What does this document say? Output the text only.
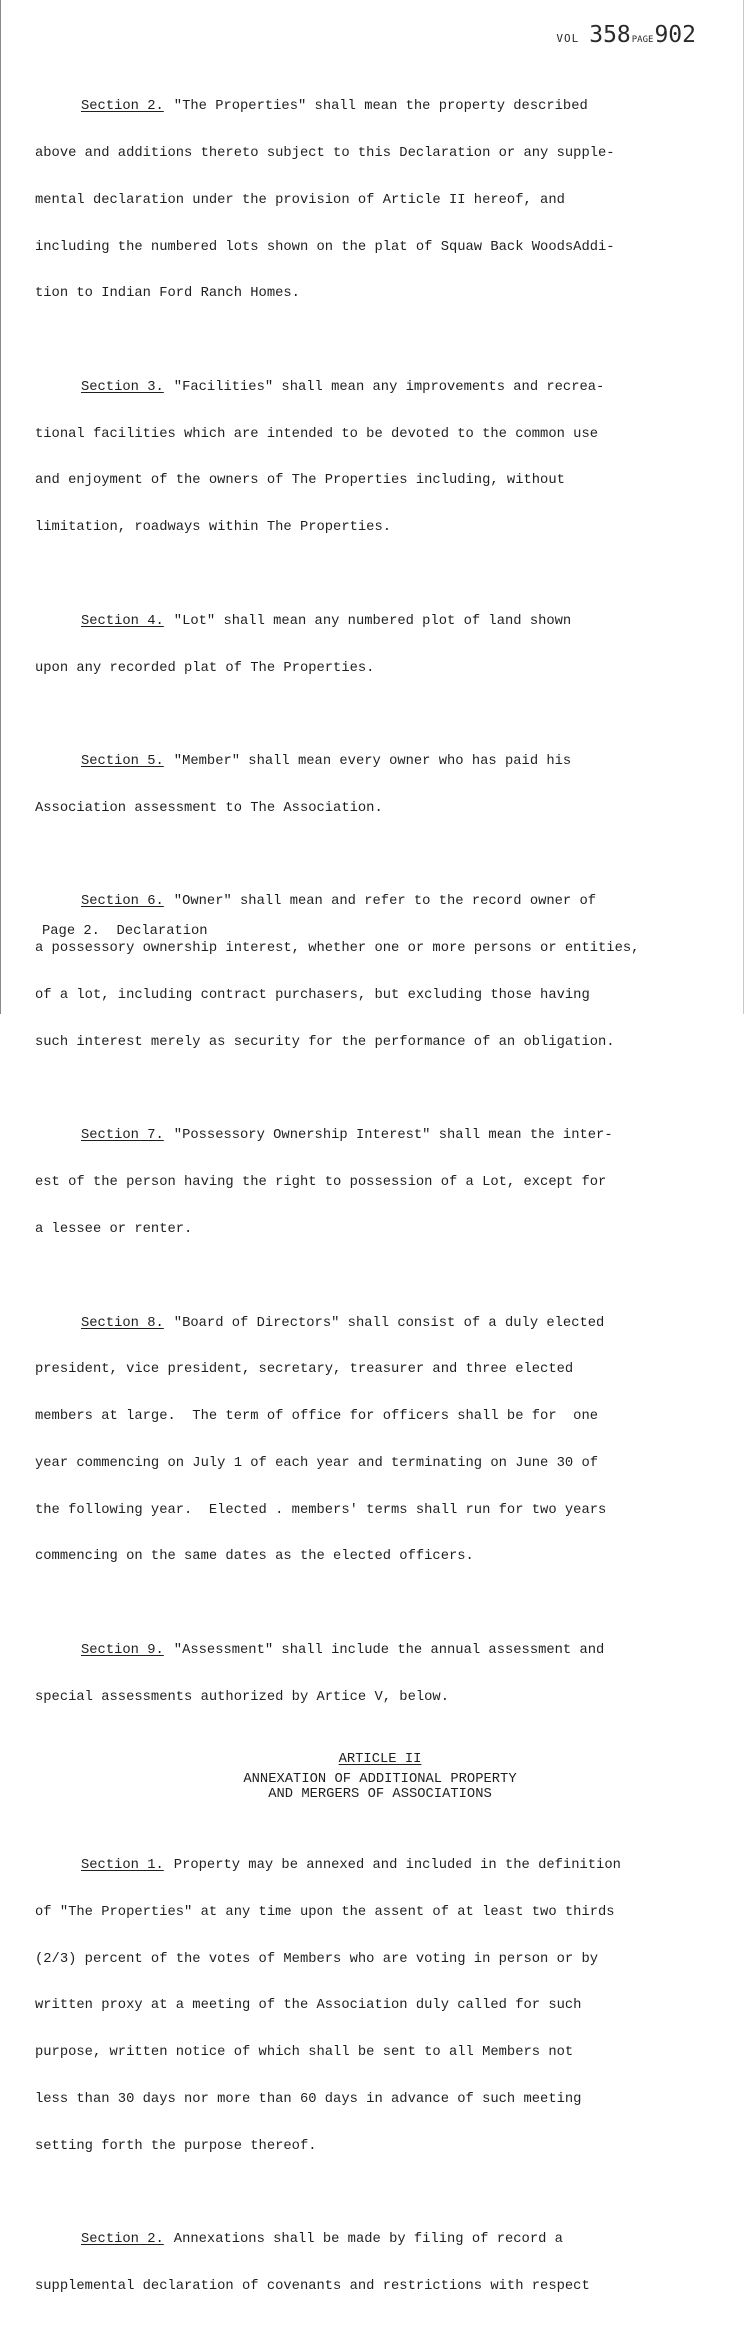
VOL 358 PAGE 902

Section 2. "The Properties" shall mean the property described

above and additions thereto subject to this Declaration or any supple-

mental declaration under the provision of Article II hereof, and

including the numbered lots shown on the plat of Squaw Back WoodsAddi-

tion to Indian Ford Ranch Homes.

Section 3. "Facilities" shall mean any improvements and recrea-

tional facilities which are intended to be devoted to the common use

and enjoyment of the owners of The Properties including, without

limitation, roadways within The Properties.

Section 4. "Lot" shall mean any numbered plot of land shown

upon any recorded plat of The Properties.

Section 5. "Member" shall mean every owner who has paid his

Association assessment to The Association.

Section 6. "Owner" shall mean and refer to the record owner of

a possessory ownership interest, whether one or more persons or entities,

of a lot, including contract purchasers, but excluding those having

such interest merely as security for the performance of an obligation.

Section 7. "Possessory Ownership Interest" shall mean the inter-

est of the person having the right to possession of a Lot, except for

a lessee or renter.

Section 8. "Board of Directors" shall consist of a duly elected

president, vice president, secretary, treasurer and three elected

members at large.  The term of office for officers shall be for  one

year commencing on July 1 of each year and terminating on June 30 of

the following year.  Elected . members' terms shall run for two years

commencing on the same dates as the elected officers.

Section 9. "Assessment" shall include the annual assessment and

special assessments authorized by Artice V, below.

ARTICLE II
ANNEXATION OF ADDITIONAL PROPERTY
AND MERGERS OF ASSOCIATIONS

Section 1. Property may be annexed and included in the definition

of "The Properties" at any time upon the assent of at least two thirds

(2/3) percent of the votes of Members who are voting in person or by

written proxy at a meeting of the Association duly called for such

purpose, written notice of which shall be sent to all Members not

less than 30 days nor more than 60 days in advance of such meeting

setting forth the purpose thereof.

Section 2. Annexations shall be made by filing of record a

supplemental declaration of covenants and restrictions with respect

Page 2.  Declaration
